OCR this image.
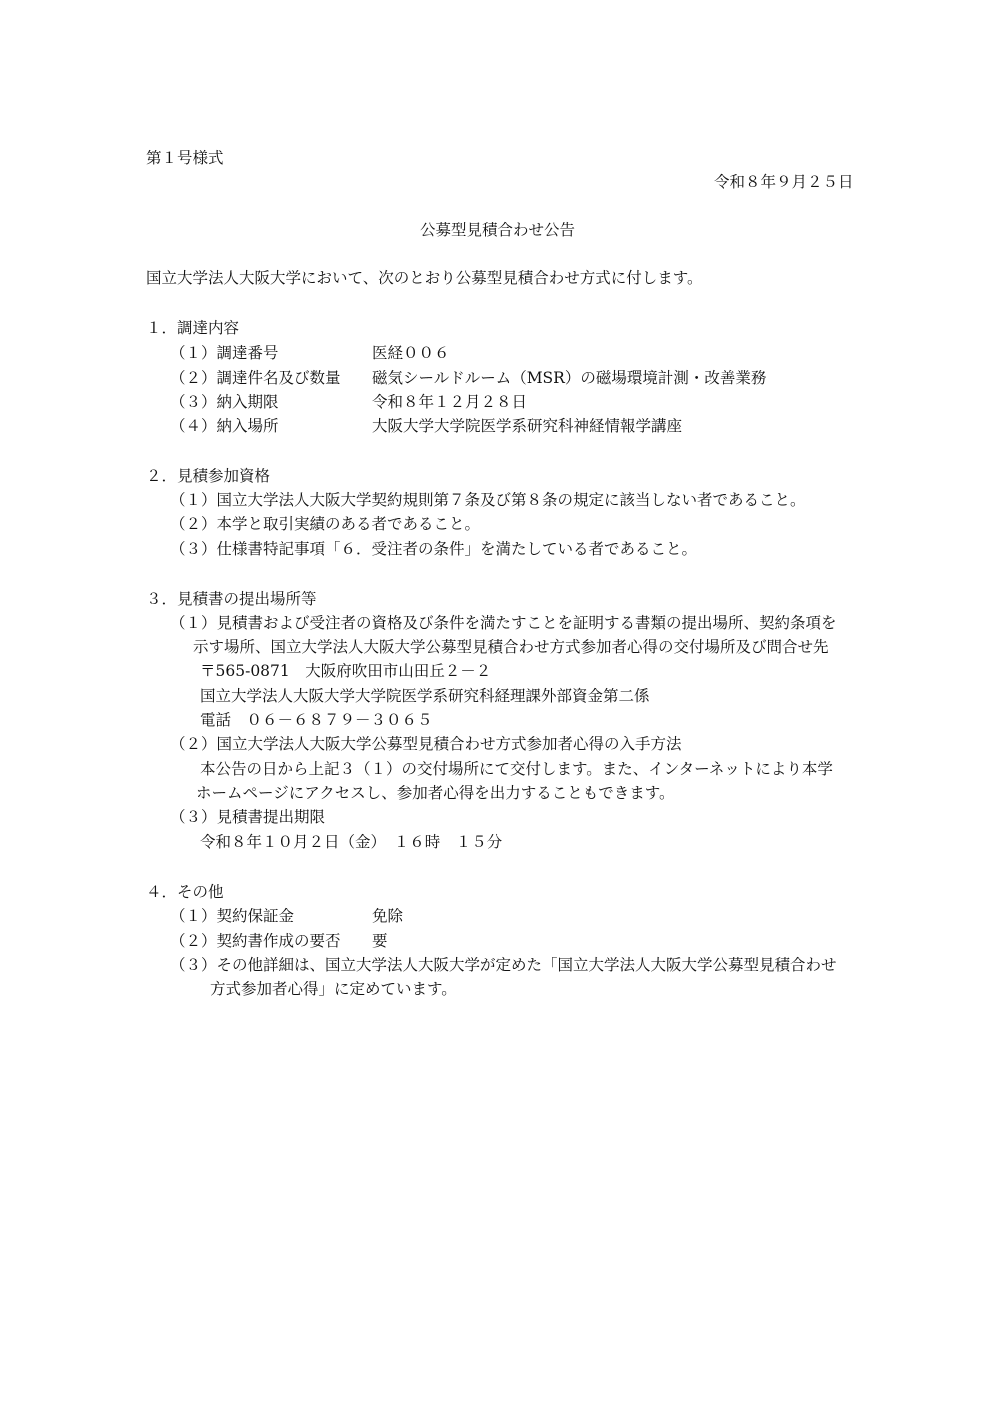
第１号様式
令和８年９月２５日
公募型見積合わせ公告
国立大学法人大阪大学において、次のとおり公募型見積合わせ方式に付します。
１．調達内容
（１）調達番号	医経００６
（２）調達件名及び数量 磁気シールドルーム（MSR）の磁場環境計測・改善業務
（３）納入期限	令和８年１２月２８日
（４）納入場所	大阪大学大学院医学系研究科神経情報学講座
２．見積参加資格
（１）国立大学法人大阪大学契約規則第７条及び第８条の規定に該当しない者であること。
（２）本学と取引実績のある者であること。
（３）仕様書特記事項「６．受注者の条件」を満たしている者であること。
３．見積書の提出場所等
（１）見積書および受注者の資格及び条件を満たすことを証明する書類の提出場所、契約条項を
示す場所、国立大学法人大阪大学公募型見積合わせ方式参加者心得の交付場所及び問合せ先
〒565-0871　大阪府吹田市山田丘２－２
国立大学法人大阪大学大学院医学系研究科経理課外部資金第二係
電話　０６－６８７９－３０６５
（２）国立大学法人大阪大学公募型見積合わせ方式参加者心得の入手方法
本公告の日から上記３（１）の交付場所にて交付します。また、インターネットにより本学
ホームページにアクセスし、参加者心得を出力することもできます。
（３）見積書提出期限
令和８年１０月２日（金）　１６時　１５分
４．その他
（１）契約保証金	免除
（２）契約書作成の要否 要
（３）その他詳細は、国立大学法人大阪大学が定めた「国立大学法人大阪大学公募型見積合わせ
方式参加者心得」に定めています。
